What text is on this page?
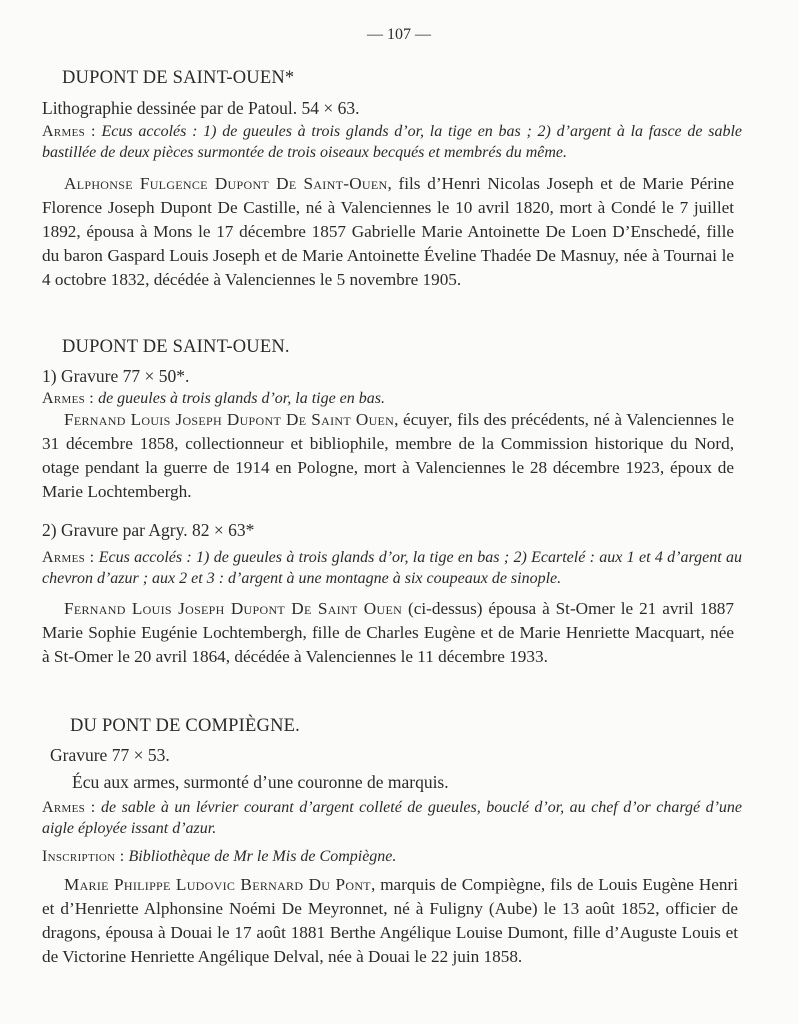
— 107 —
DUPONT DE SAINT-OUEN*
Lithographie dessinée par de Patoul. 54 × 63.
Armes : Ecus accolés : 1) de gueules à trois glands d’or, la tige en bas ; 2) d’argent à la fasce de sable bastillée de deux pièces surmontée de trois oiseaux becqués et membrés du même.
Alphonse Fulgence Dupont De Saint-Ouen, fils d’Henri Nicolas Joseph et de Marie Périne Florence Joseph Dupont De Castille, né à Valenciennes le 10 avril 1820, mort à Condé le 7 juillet 1892, épousa à Mons le 17 décembre 1857 Gabrielle Marie Antoinette De Loen D’Enschedé, fille du baron Gaspard Louis Joseph et de Marie Antoinette Éveline Thadée De Masnuy, née à Tournai le 4 octobre 1832, décédée à Valenciennes le 5 novembre 1905.
DUPONT DE SAINT-OUEN.
1) Gravure 77 × 50*.
Armes : de gueules à trois glands d’or, la tige en bas.
Fernand Louis Joseph Dupont De Saint Ouen, écuyer, fils des précédents, né à Valenciennes le 31 décembre 1858, collectionneur et bibliophile, membre de la Commission historique du Nord, otage pendant la guerre de 1914 en Pologne, mort à Valenciennes le 28 décembre 1923, époux de Marie Lochtembergh.
2) Gravure par Agry. 82 × 63*
Armes : Ecus accolés : 1) de gueules à trois glands d’or, la tige en bas ; 2) Ecartelé : aux 1 et 4 d’argent au chevron d’azur ; aux 2 et 3 : d’argent à une montagne à six coupeaux de sinople.
Fernand Louis Joseph Dupont De Saint Ouen (ci-dessus) épousa à St-Omer le 21 avril 1887 Marie Sophie Eugénie Lochtembergh, fille de Charles Eugène et de Marie Henriette Macquart, née à St-Omer le 20 avril 1864, décédée à Valenciennes le 11 décembre 1933.
DU PONT DE COMPIÈGNE.
Gravure 77 × 53.
Écu aux armes, surmonté d’une couronne de marquis.
Armes : de sable à un lévrier courant d’argent colleté de gueules, bouclé d’or, au chef d’or chargé d’une aigle éployée issant d’azur.
Inscription : Bibliothèque de Mr le Mis de Compiègne.
Marie Philippe Ludovic Bernard Du Pont, marquis de Compiègne, fils de Louis Eugène Henri et d’Henriette Alphonsine Noémi De Meyronnet, né à Fuligny (Aube) le 13 août 1852, officier de dragons, épousa à Douai le 17 août 1881 Berthe Angélique Louise Dumont, fille d’Auguste Louis et de Victorine Henriette Angélique Delval, née à Douai le 22 juin 1858.
